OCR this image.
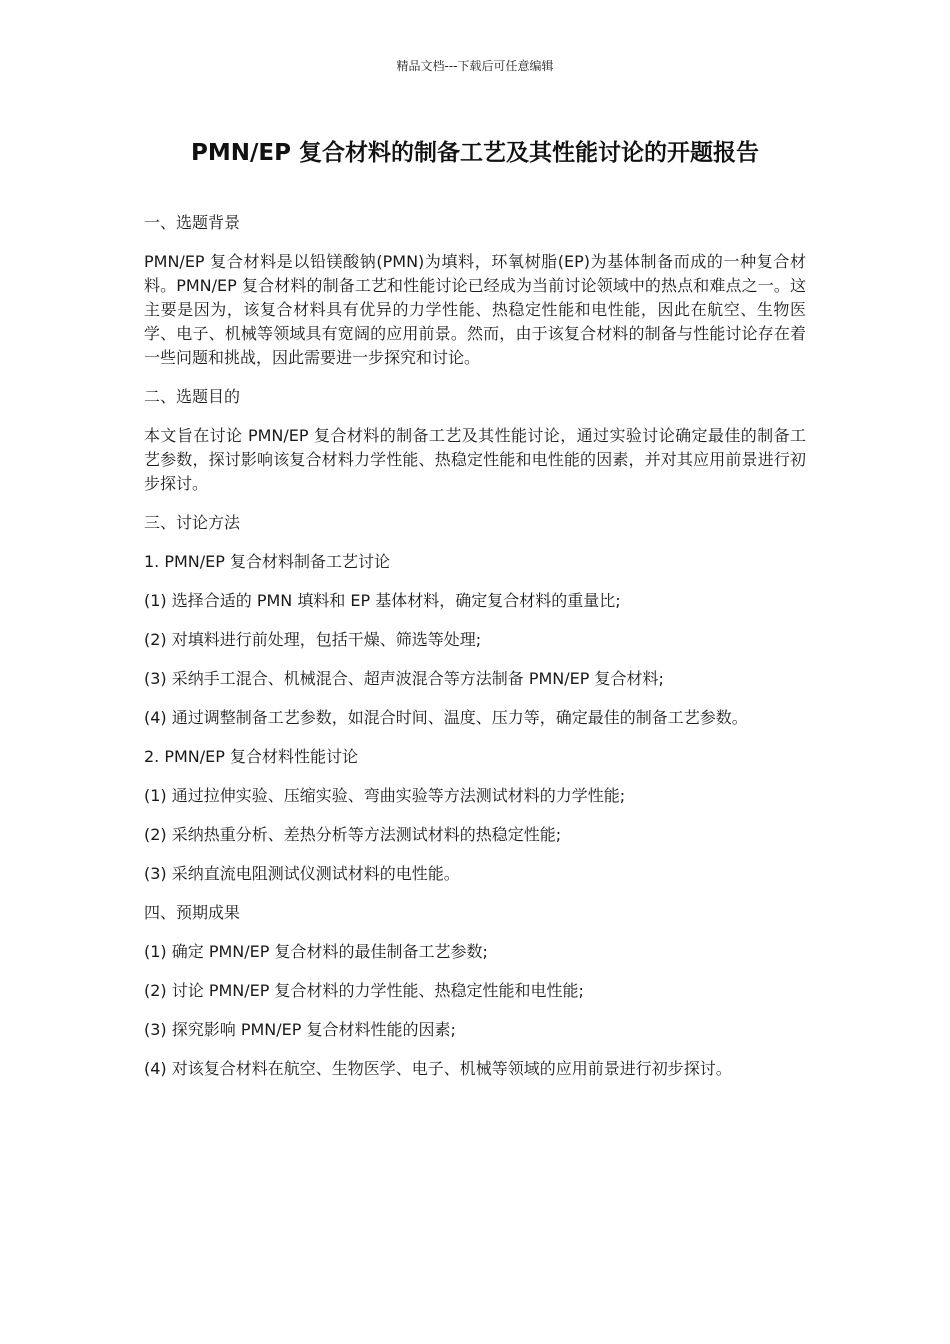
精品文档---下载后可任意编辑
PMN/EP 复合材料的制备工艺及其性能讨论的开题报告

一、选题背景

PMN/EP 复合材料是以铅镁酸钠(PMN)为填料，环氧树脂(EP)为基体制备而成的一种复合材料。PMN/EP 复合材料的制备工艺和性能讨论已经成为当前讨论领域中的热点和难点之一。这主要是因为，该复合材料具有优异的力学性能、热稳定性能和电性能，因此在航空、生物医学、电子、机械等领域具有宽阔的应用前景。然而，由于该复合材料的制备与性能讨论存在着一些问题和挑战，因此需要进一步探究和讨论。

二、选题目的

本文旨在讨论 PMN/EP 复合材料的制备工艺及其性能讨论，通过实验讨论确定最佳的制备工艺参数，探讨影响该复合材料力学性能、热稳定性能和电性能的因素，并对其应用前景进行初步探讨。

三、讨论方法

1. PMN/EP 复合材料制备工艺讨论

(1) 选择合适的 PMN 填料和 EP 基体材料，确定复合材料的重量比;

(2) 对填料进行前处理，包括干燥、筛选等处理;

(3) 采纳手工混合、机械混合、超声波混合等方法制备 PMN/EP 复合材料;

(4) 通过调整制备工艺参数，如混合时间、温度、压力等，确定最佳的制备工艺参数。

2. PMN/EP 复合材料性能讨论

(1) 通过拉伸实验、压缩实验、弯曲实验等方法测试材料的力学性能;

(2) 采纳热重分析、差热分析等方法测试材料的热稳定性能;

(3) 采纳直流电阻测试仪测试材料的电性能。

四、预期成果

(1) 确定 PMN/EP 复合材料的最佳制备工艺参数;

(2) 讨论 PMN/EP 复合材料的力学性能、热稳定性能和电性能;

(3) 探究影响 PMN/EP 复合材料性能的因素;

(4) 对该复合材料在航空、生物医学、电子、机械等领域的应用前景进行初步探讨。
